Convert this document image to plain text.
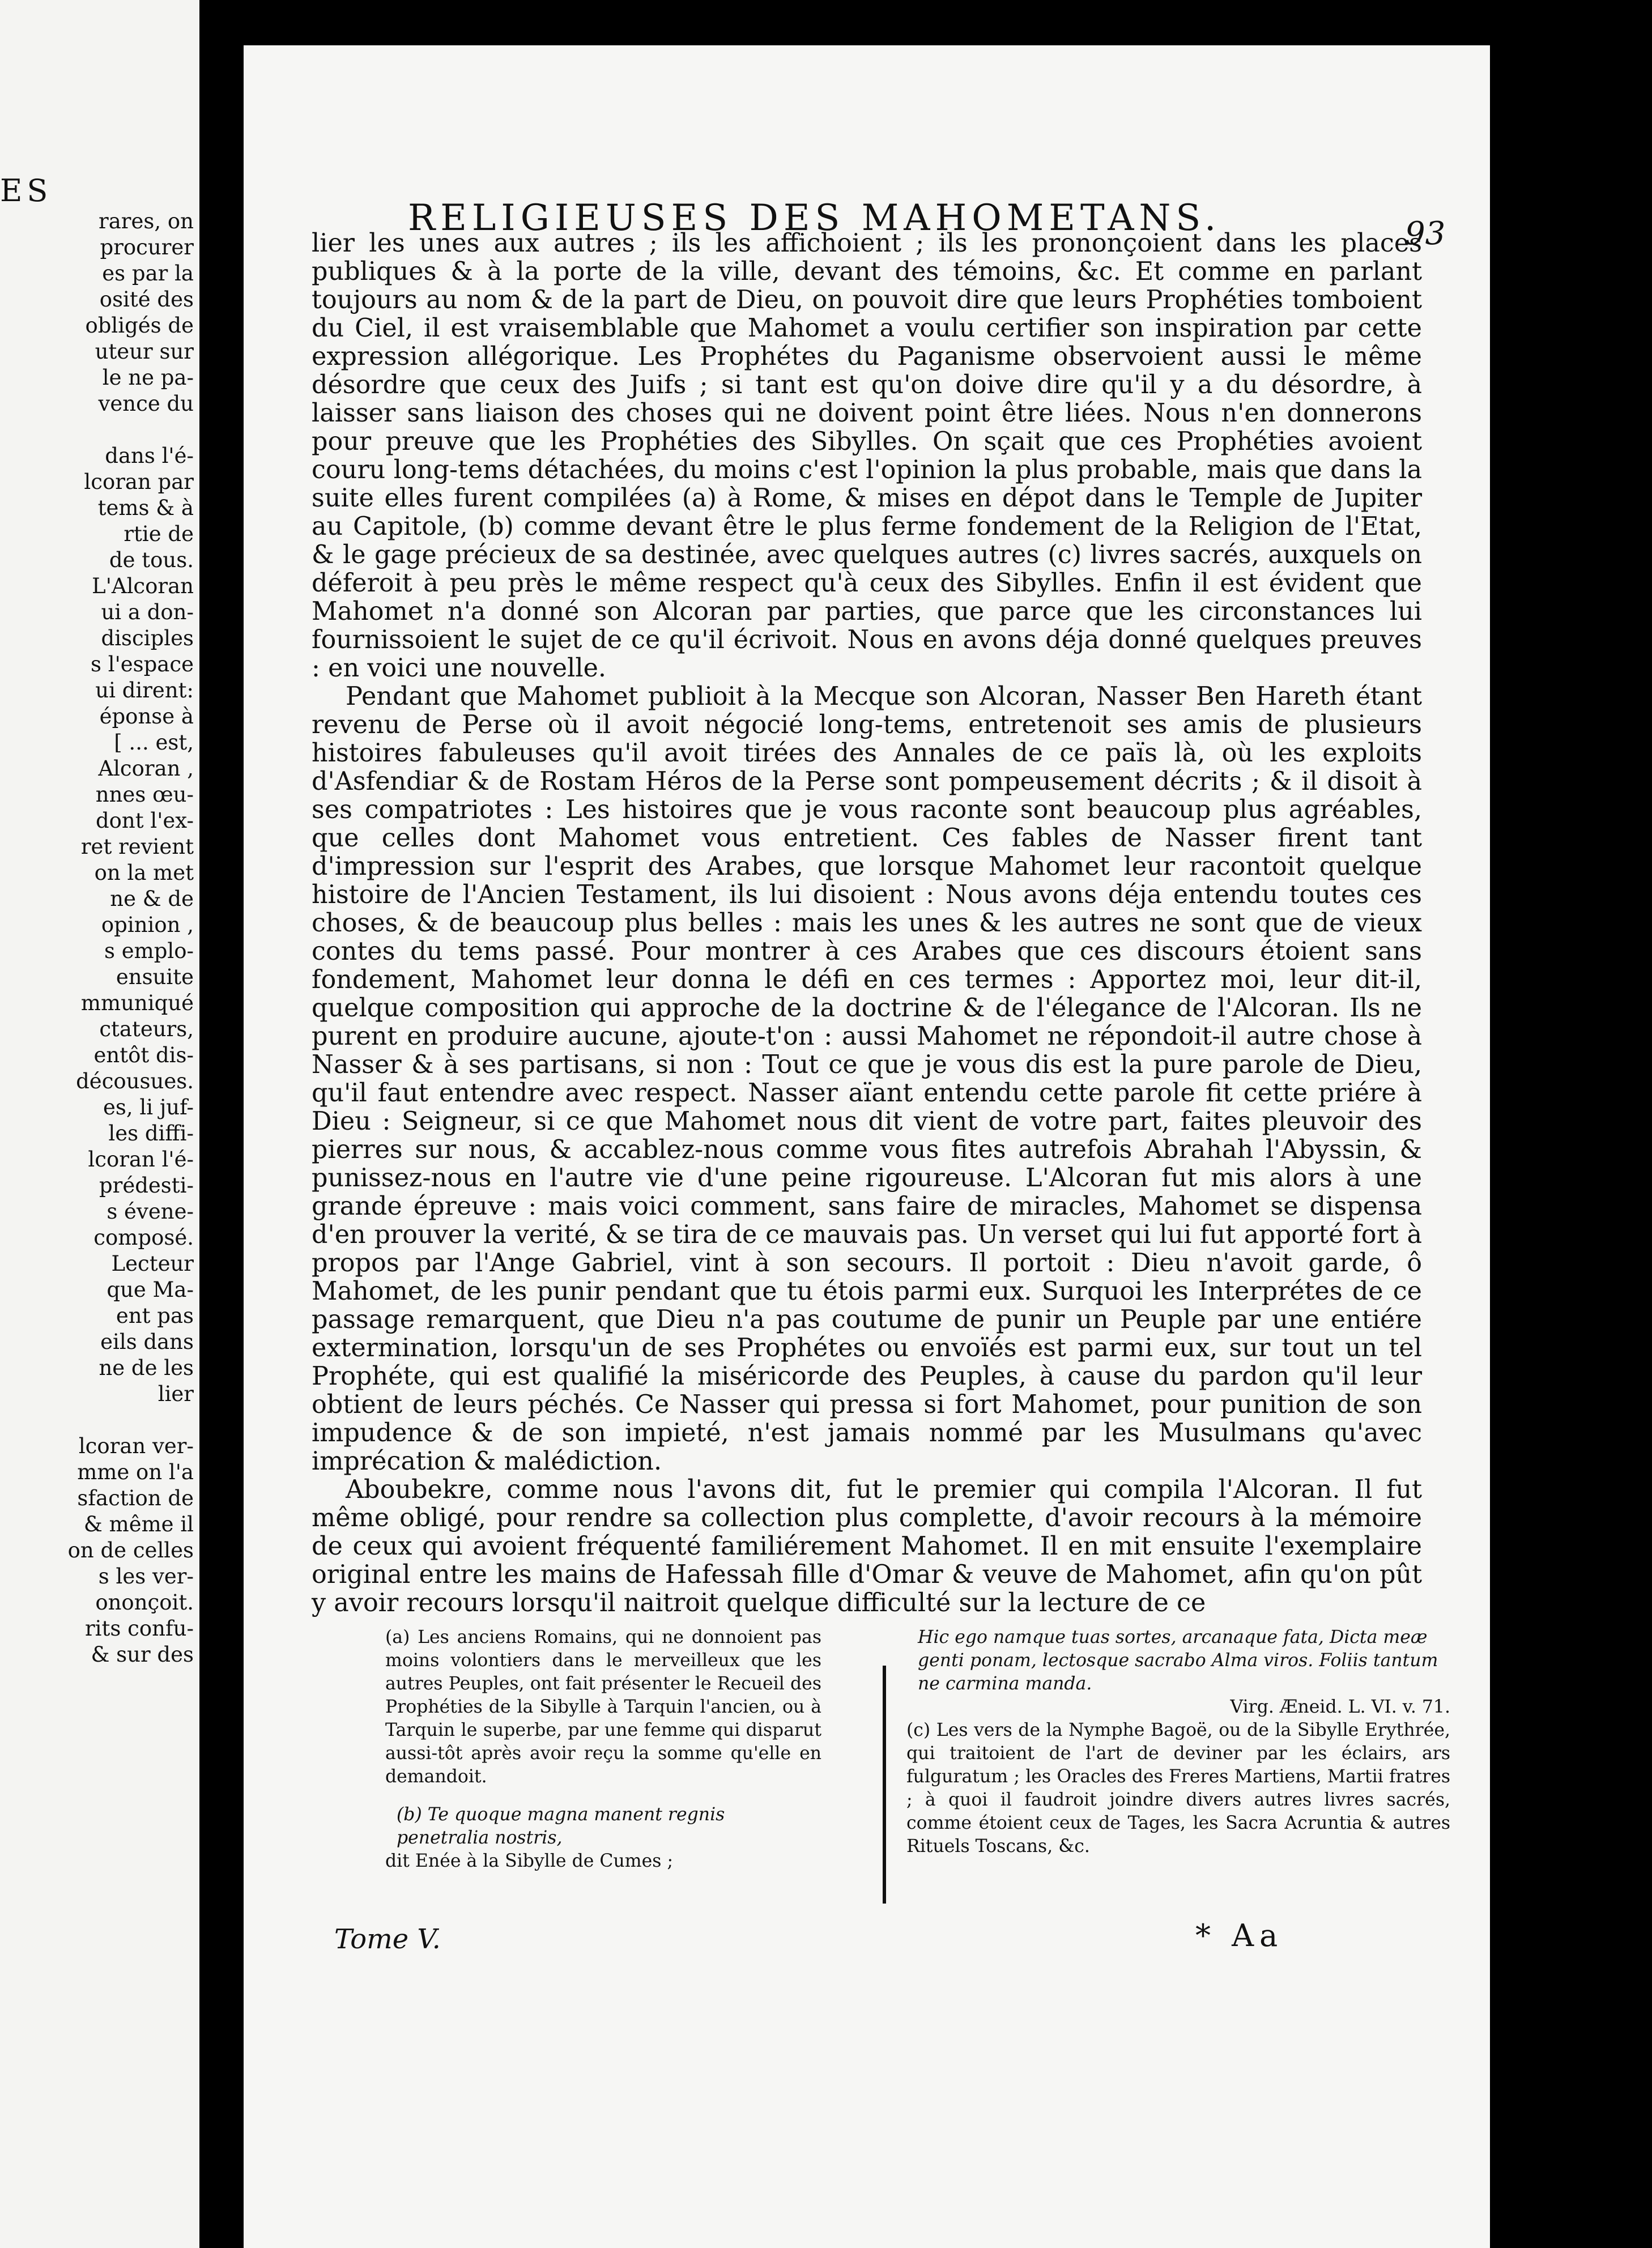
ES
rares, on
procurer
es par la
osité des
obligés de
uteur sur
le ne pa-
vence du
dans l'é-
lcoran par
tems & à
rtie de
de tous.
L'Alcoran
ui a don-
disciples
s l'espace
ui dirent:
éponse à
[ ... est,
Alcoran ,
nnes œu-
dont l'ex-
ret revient
on la met
ne & de
opinion ,
s emplo-
ensuite
mmuniqué
ctateurs,
entôt dis-
décousues.
es, li juf-
les diffi-
lcoran l'é-
prédesti-
s évene-
composé.
Lecteur
que Ma-
ent pas
eils dans
ne de les
lier
lcoran ver-
mme on l'a
sfaction de
& même il
on de celles
s les ver-
ononçoit.
rits confu-
& sur des
RELIGIEUSES DES MAHOMETANS.	93

lier les unes aux autres ; ils les affichoient ; ils les prononçoient dans les places publiques & à la porte de la ville, devant des témoins, &c. Et comme en parlant toujours au nom & de la part de Dieu, on pouvoit dire que leurs Prophéties tomboient du Ciel, il est vraisemblable que Mahomet a voulu certifier son inspiration par cette expression allégorique. Les Prophétes du Paganisme observoient aussi le même désordre que ceux des Juifs ; si tant est qu'on doive dire qu'il y a du désordre, à laisser sans liaison des choses qui ne doivent point être liées. Nous n'en donnerons pour preuve que les Prophéties des Sibylles. On sçait que ces Prophéties avoient couru long-tems détachées, du moins c'est l'opinion la plus probable, mais que dans la suite elles furent compilées (a) à Rome, & mises en dépot dans le Temple de Jupiter au Capitole, (b) comme devant être le plus ferme fondement de la Religion de l'Etat, & le gage précieux de sa destinée, avec quelques autres (c) livres sacrés, auxquels on déferoit à peu près le même respect qu'à ceux des Sibylles. Enfin il est évident que Mahomet n'a donné son Alcoran par parties, que parce que les circonstances lui fournissoient le sujet de ce qu'il écrivoit. Nous en avons déja donné quelques preuves : en voici une nouvelle.

Pendant que Mahomet publioit à la Mecque son Alcoran, Nasser Ben Hareth étant revenu de Perse où il avoit négocié long-tems, entretenoit ses amis de plusieurs histoires fabuleuses qu'il avoit tirées des Annales de ce païs là, où les exploits d'Asfendiar & de Rostam Héros de la Perse sont pompeusement décrits ; & il disoit à ses compatriotes : Les histoires que je vous raconte sont beaucoup plus agréables, que celles dont Mahomet vous entretient. Ces fables de Nasser firent tant d'impression sur l'esprit des Arabes, que lorsque Mahomet leur racontoit quelque histoire de l'Ancien Testament, ils lui disoient : Nous avons déja entendu toutes ces choses, & de beaucoup plus belles : mais les unes & les autres ne sont que de vieux contes du tems passé. Pour montrer à ces Arabes que ces discours étoient sans fondement, Mahomet leur donna le défi en ces termes : Apportez moi, leur dit-il, quelque composition qui approche de la doctrine & de l'élegance de l'Alcoran. Ils ne purent en produire aucune, ajoute-t'on : aussi Mahomet ne répondoit-il autre chose à Nasser & à ses partisans, si non : Tout ce que je vous dis est la pure parole de Dieu, qu'il faut entendre avec respect. Nasser aïant entendu cette parole fit cette priére à Dieu : Seigneur, si ce que Mahomet nous dit vient de votre part, faites pleuvoir des pierres sur nous, & accablez-nous comme vous fites autrefois Abrahah l'Abyssin, & punissez-nous en l'autre vie d'une peine rigoureuse. L'Alcoran fut mis alors à une grande épreuve : mais voici comment, sans faire de miracles, Mahomet se dispensa d'en prouver la verité, & se tira de ce mauvais pas. Un verset qui lui fut apporté fort à propos par l'Ange Gabriel, vint à son secours. Il portoit : Dieu n'avoit garde, ô Mahomet, de les punir pendant que tu étois parmi eux. Surquoi les Interprétes de ce passage remarquent, que Dieu n'a pas coutume de punir un Peuple par une entiére extermination, lorsqu'un de ses Prophétes ou envoïés est parmi eux, sur tout un tel Prophéte, qui est qualifié la miséricorde des Peuples, à cause du pardon qu'il leur obtient de leurs péchés. Ce Nasser qui pressa si fort Mahomet, pour punition de son impudence & de son impieté, n'est jamais nommé par les Musulmans qu'avec imprécation & malédiction.

Aboubekre, comme nous l'avons dit, fut le premier qui compila l'Alcoran. Il fut même obligé, pour rendre sa collection plus complette, d'avoir recours à la mémoire de ceux qui avoient fréquenté familiérement Mahomet. Il en mit ensuite l'exemplaire original entre les mains de Hafessah fille d'Omar & veuve de Mahomet, afin qu'on pût y avoir recours lorsqu'il naitroit quelque difficulté sur la lecture de ce

(a) Les anciens Romains, qui ne donnoient pas moins volontiers dans le merveilleux que les autres Peuples, ont fait présenter le Recueil des Prophéties de la Sibylle à Tarquin l'ancien, ou à Tarquin le superbe, par une femme qui disparut aussi-tôt après avoir reçu la somme qu'elle en demandoit.

(b) Te quoque magna manent regnis penetralia nostris,

dit Enée à la Sibylle de Cumes ;

Hic ego namque tuas sortes, arcanaque fata, Dicta meæ genti ponam, lectosque sacrabo Alma viros. Foliis tantum ne carmina manda.

Virg. Æneid. L. VI. v. 71.

(c) Les vers de la Nymphe Bagoë, ou de la Sibylle Erythrée, qui traitoient de l'art de deviner par les éclairs, ars fulguratum ; les Oracles des Freres Martiens, Martii fratres ; à quoi il faudroit joindre divers autres livres sacrés, comme étoient ceux de Tages, les Sacra Acruntia & autres Rituels Toscans, &c.

Tome V.	* Aa
